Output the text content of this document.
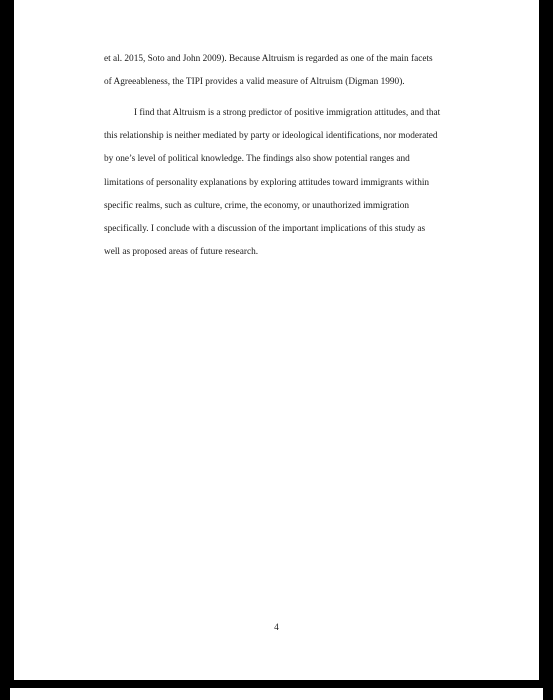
et al. 2015, Soto and John 2009). Because Altruism is regarded as one of the main facets
of Agreeableness, the TIPI provides a valid measure of Altruism (Digman 1990).
I find that Altruism is a strong predictor of positive immigration attitudes, and that
this relationship is neither mediated by party or ideological identifications, nor moderated
by one’s level of political knowledge. The findings also show potential ranges and
limitations of personality explanations by exploring attitudes toward immigrants within
specific realms, such as culture, crime, the economy, or unauthorized immigration
specifically. I conclude with a discussion of the important implications of this study as
well as proposed areas of future research.
4
